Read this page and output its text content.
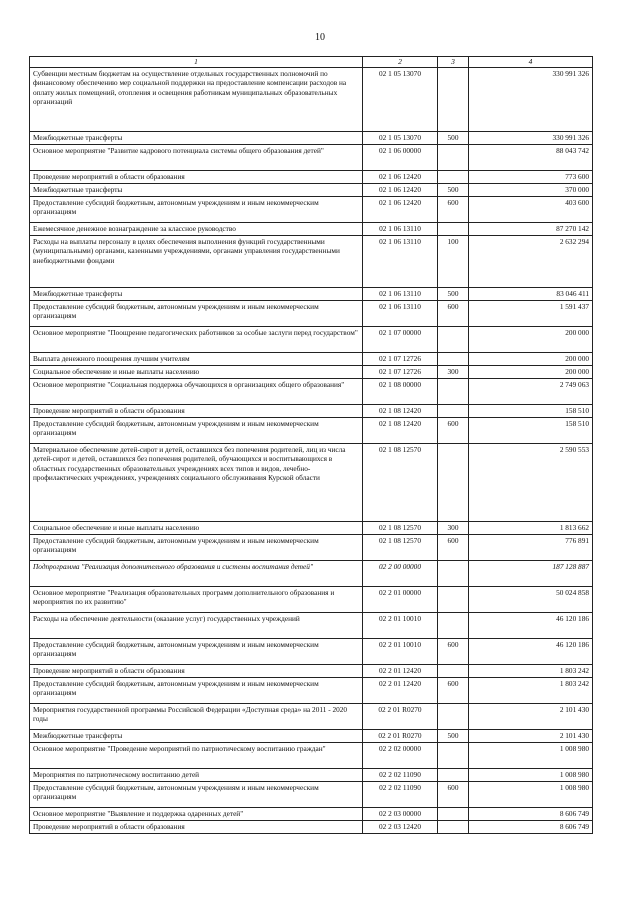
10
1	2	3	4
Субвенции местным бюджетам на осуществление отдельных государственных полномочий по финансовому обеспечению мер социальной поддержки на предоставление компенсации расходов на оплату жилых помещений, отопления и освещения работникам муниципальных образовательных организаций	02 1 05 13070		330 991 326
Межбюджетные трансферты	02 1 05 13070	500	330 991 326
Основное мероприятие "Развитие кадрового потенциала системы общего образования детей"	02 1 06 00000		88 043 742
Проведение мероприятий в области образования	02 1 06 12420		773 600
Межбюджетные трансферты	02 1 06 12420	500	370 000
Предоставление субсидий бюджетным, автономным учреждениям и иным некоммерческим организациям	02 1 06 12420	600	403 600
Ежемесячное денежное вознаграждение за классное руководство	02 1 06 13110		87 270 142
Расходы на выплаты персоналу в целях обеспечения выполнения функций государственными (муниципальными) органами, казенными учреждениями, органами управления государственными внебюджетными фондами	02 1 06 13110	100	2 632 294
Межбюджетные трансферты	02 1 06 13110	500	83 046 411
Предоставление субсидий бюджетным, автономным учреждениям и иным некоммерческим организациям	02 1 06 13110	600	1 591 437
Основное мероприятие "Поощрение педагогических работников за особые заслуги перед государством"	02 1 07 00000		200 000
Выплата денежного поощрения лучшим учителям	02 1 07 12726		200 000
Социальное обеспечение и иные выплаты населению	02 1 07 12726	300	200 000
Основное мероприятие "Социальная поддержка обучающихся в организациях общего образования"	02 1 08 00000		2 749 063
Проведение мероприятий в области образования	02 1 08 12420		158 510
Предоставление субсидий бюджетным, автономным учреждениям и иным некоммерческим организациям	02 1 08 12420	600	158 510
Материальное обеспечение детей-сирот и детей, оставшихся без попечения родителей, лиц из числа детей-сирот и детей, оставшихся без попечения родителей, обучающихся и воспитывающихся в областных государственных образовательных учреждениях всех типов и видов, лечебно-профилактических учреждениях, учреждениях социального обслуживания Курской области	02 1 08 12570		2 590 553
Социальное обеспечение и иные выплаты населению	02 1 08 12570	300	1 813 662
Предоставление субсидий бюджетным, автономным учреждениям и иным некоммерческим организациям	02 1 08 12570	600	776 891
Подпрограмма "Реализация дополнительного образования и системы воспитания детей"	02 2 00 00000		187 128 887
Основное мероприятие "Реализация образовательных программ дополнительного образования и мероприятия по их развитию"	02 2 01 00000		50 024 858
Расходы на обеспечение деятельности (оказание услуг) государственных учреждений	02 2 01 10010		46 120 186
Предоставление субсидий бюджетным, автономным учреждениям и иным некоммерческим организациям	02 2 01 10010	600	46 120 186
Проведение мероприятий в области образования	02 2 01 12420		1 803 242
Предоставление субсидий бюджетным, автономным учреждениям и иным некоммерческим организациям	02 2 01 12420	600	1 803 242
Мероприятия государственной программы Российской Федерации «Доступная среда» на 2011 - 2020 годы	02 2 01 R0270		2 101 430
Межбюджетные трансферты	02 2 01 R0270	500	2 101 430
Основное мероприятие "Проведение мероприятий по патриотическому воспитанию граждан"	02 2 02 00000		1 008 980
Мероприятия по патриотическому воспитанию детей	02 2 02 11090		1 008 980
Предоставление субсидий бюджетным, автономным учреждениям и иным некоммерческим организациям	02 2 02 11090	600	1 008 980
Основное мероприятие "Выявление и поддержка одаренных детей"	02 2 03 00000		8 606 749
Проведение мероприятий в области образования	02 2 03 12420		8 606 749
